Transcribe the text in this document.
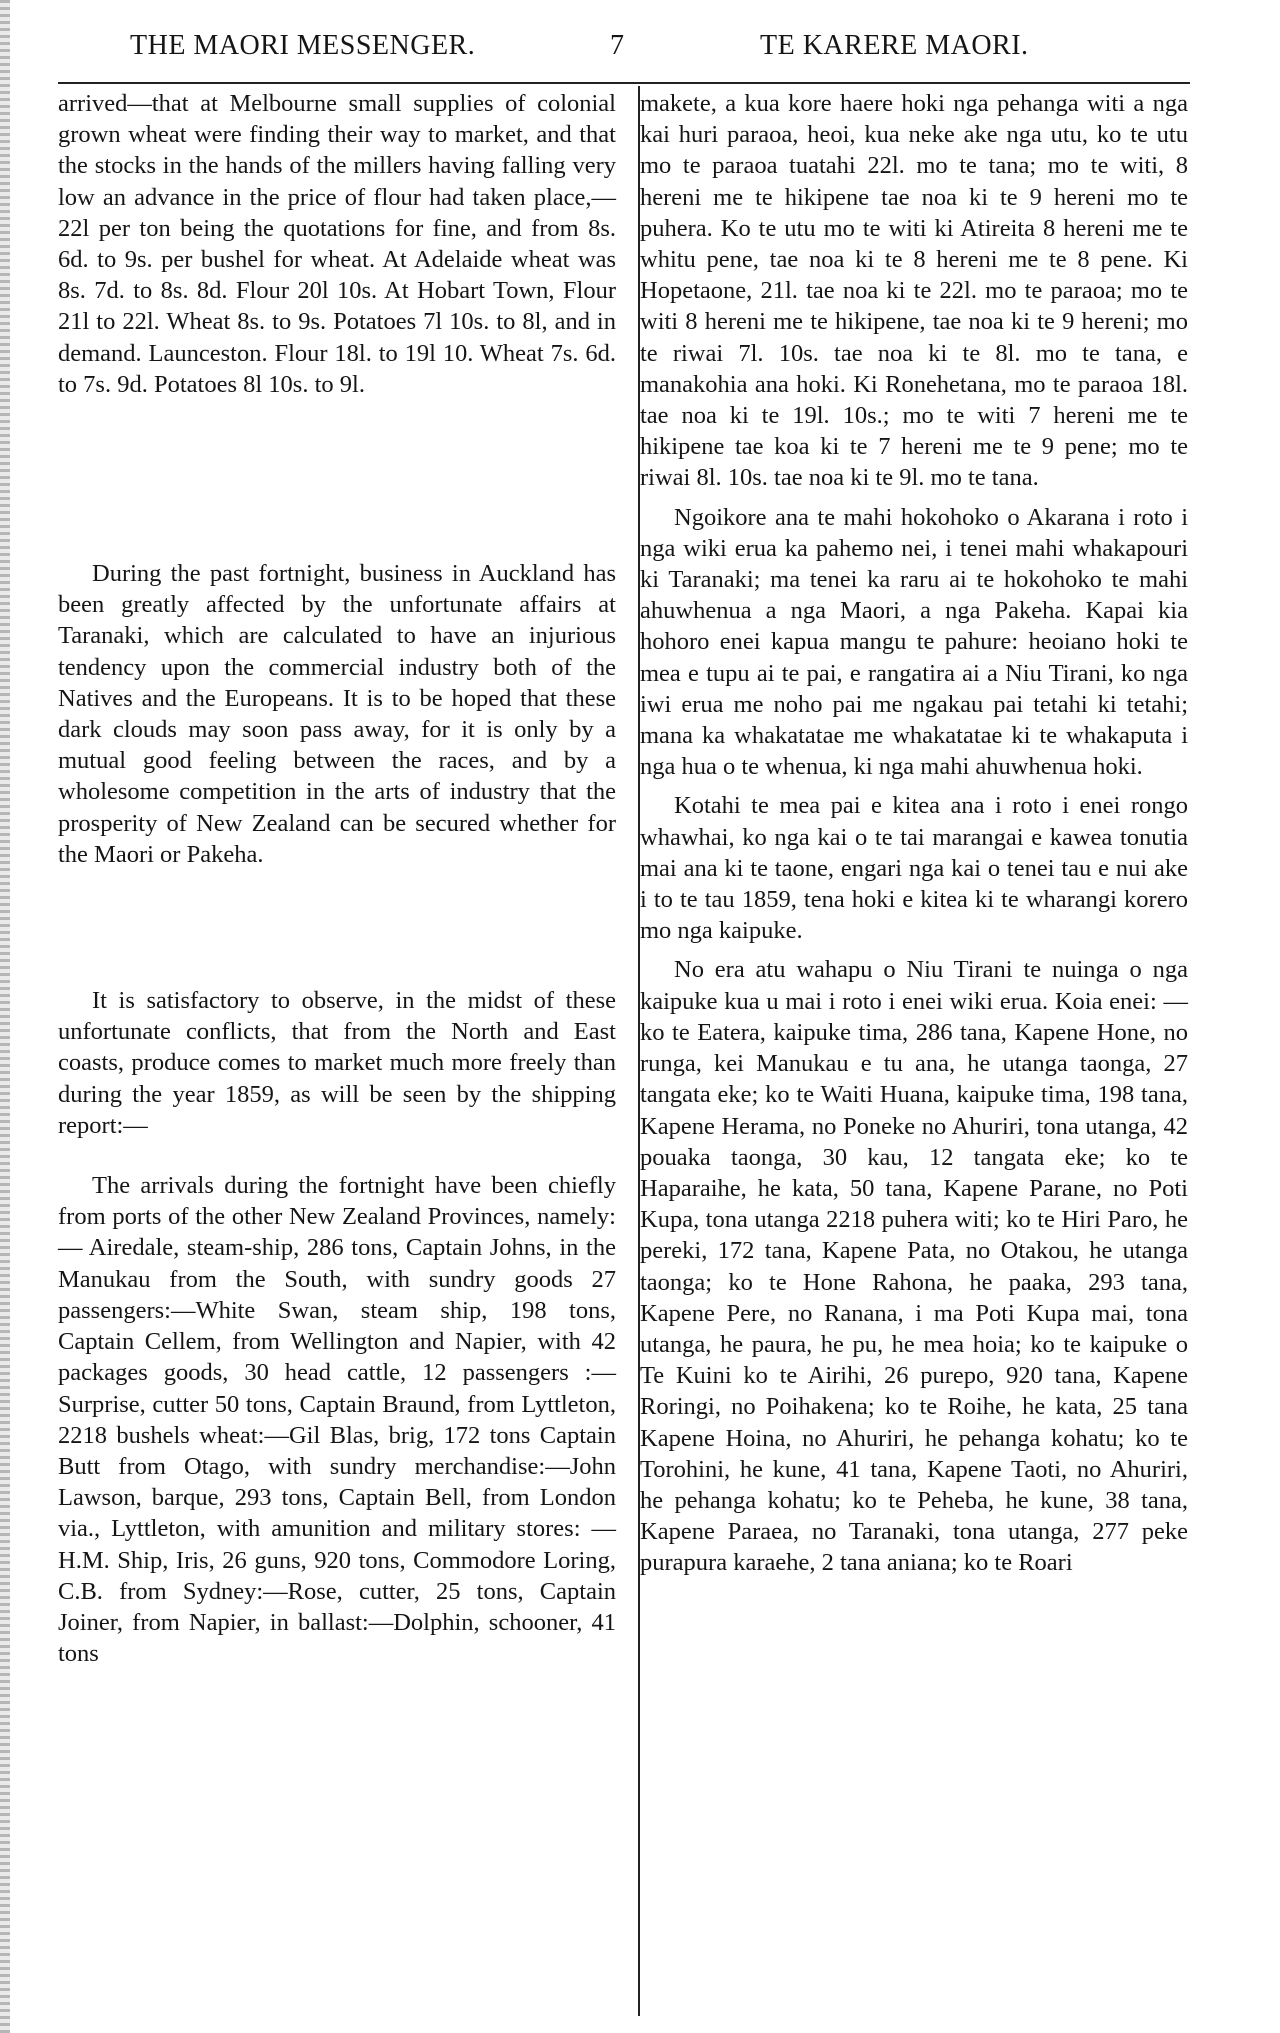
THE MAORI MESSENGER.	7	TE KARERE MAORI.

arrived—that at Melbourne small supplies of colonial grown wheat were finding their way to market, and that the stocks in the hands of the millers having falling very low an advance in the price of flour had taken place,—22l per ton being the quotations for fine, and from 8s. 6d. to 9s. per bushel for wheat. At Adelaide wheat was 8s. 7d. to 8s. 8d. Flour 20l 10s. At Hobart Town, Flour 21l to 22l. Wheat 8s. to 9s. Potatoes 7l 10s. to 8l, and in demand. Launceston. Flour 18l. to 19l 10. Wheat 7s. 6d. to 7s. 9d. Potatoes 8l 10s. to 9l.

During the past fortnight, business in Auckland has been greatly affected by the unfortunate affairs at Taranaki, which are calculated to have an injurious tendency upon the commercial industry both of the Natives and the Europeans. It is to be hoped that these dark clouds may soon pass away, for it is only by a mutual good feeling between the races, and by a wholesome competition in the arts of industry that the prosperity of New Zealand can be secured whether for the Maori or Pakeha.

It is satisfactory to observe, in the midst of these unfortunate conflicts, that from the North and East coasts, produce comes to market much more freely than during the year 1859, as will be seen by the shipping report:—

The arrivals during the fortnight have been chiefly from ports of the other New Zealand Provinces, namely: — Airedale, steam-ship, 286 tons, Captain Johns, in the Manukau from the South, with sundry goods 27 passengers:—White Swan, steam ship, 198 tons, Captain Cellem, from Wellington and Napier, with 42 packages goods, 30 head cattle, 12 passengers :—Surprise, cutter 50 tons, Captain Braund, from Lyttleton, 2218 bushels wheat:—Gil Blas, brig, 172 tons Captain Butt from Otago, with sundry merchandise:—John Lawson, barque, 293 tons, Captain Bell, from London via., Lyttleton, with amunition and military stores: —H.M. Ship, Iris, 26 guns, 920 tons, Commodore Loring, C.B. from Sydney:—Rose, cutter, 25 tons, Captain Joiner, from Napier, in ballast:—Dolphin, schooner, 41 tons

makete, a kua kore haere hoki nga pehanga witi a nga kai huri paraoa, heoi, kua neke ake nga utu, ko te utu mo te paraoa tuatahi 22l. mo te tana; mo te witi, 8 hereni me te hikipene tae noa ki te 9 hereni mo te puhera. Ko te utu mo te witi ki Atireita 8 hereni me te whitu pene, tae noa ki te 8 hereni me te 8 pene. Ki Hopetaone, 21l. tae noa ki te 22l. mo te paraoa; mo te witi 8 hereni me te hikipene, tae noa ki te 9 hereni; mo te riwai 7l. 10s. tae noa ki te 8l. mo te tana, e manakohia ana hoki. Ki Ronehetana, mo te paraoa 18l. tae noa ki te 19l. 10s.; mo te witi 7 hereni me te hikipene tae koa ki te 7 hereni me te 9 pene; mo te riwai 8l. 10s. tae noa ki te 9l. mo te tana.

Ngoikore ana te mahi hokohoko o Akarana i roto i nga wiki erua ka pahemo nei, i tenei mahi whakapouri ki Taranaki; ma tenei ka raru ai te hokohoko te mahi ahuwhenua a nga Maori, a nga Pakeha. Kapai kia hohoro enei kapua mangu te pahure: heoiano hoki te mea e tupu ai te pai, e rangatira ai a Niu Tirani, ko nga iwi erua me noho pai me ngakau pai tetahi ki tetahi; mana ka whakatatae me whakatatae ki te whakaputa i nga hua o te whenua, ki nga mahi ahuwhenua hoki.

Kotahi te mea pai e kitea ana i roto i enei rongo whawhai, ko nga kai o te tai marangai e kawea tonutia mai ana ki te taone, engari nga kai o tenei tau e nui ake i to te tau 1859, tena hoki e kitea ki te wharangi korero mo nga kaipuke.

No era atu wahapu o Niu Tirani te nuinga o nga kaipuke kua u mai i roto i enei wiki erua. Koia enei: —ko te Eatera, kaipuke tima, 286 tana, Kapene Hone, no runga, kei Manukau e tu ana, he utanga taonga, 27 tangata eke; ko te Waiti Huana, kaipuke tima, 198 tana, Kapene Herama, no Poneke no Ahuriri, tona utanga, 42 pouaka taonga, 30 kau, 12 tangata eke; ko te Haparaihe, he kata, 50 tana, Kapene Parane, no Poti Kupa, tona utanga 2218 puhera witi; ko te Hiri Paro, he pereki, 172 tana, Kapene Pata, no Otakou, he utanga taonga; ko te Hone Rahona, he paaka, 293 tana, Kapene Pere, no Ranana, i ma Poti Kupa mai, tona utanga, he paura, he pu, he mea hoia; ko te kaipuke o Te Kuini ko te Airihi, 26 purepo, 920 tana, Kapene Roringi, no Poihakena; ko te Roihe, he kata, 25 tana Kapene Hoina, no Ahuriri, he pehanga kohatu; ko te Torohini, he kune, 41 tana, Kapene Taoti, no Ahuriri, he pehanga kohatu; ko te Peheba, he kune, 38 tana, Kapene Paraea, no Taranaki, tona utanga, 277 peke purapura karaehe, 2 tana aniana; ko te Roari
